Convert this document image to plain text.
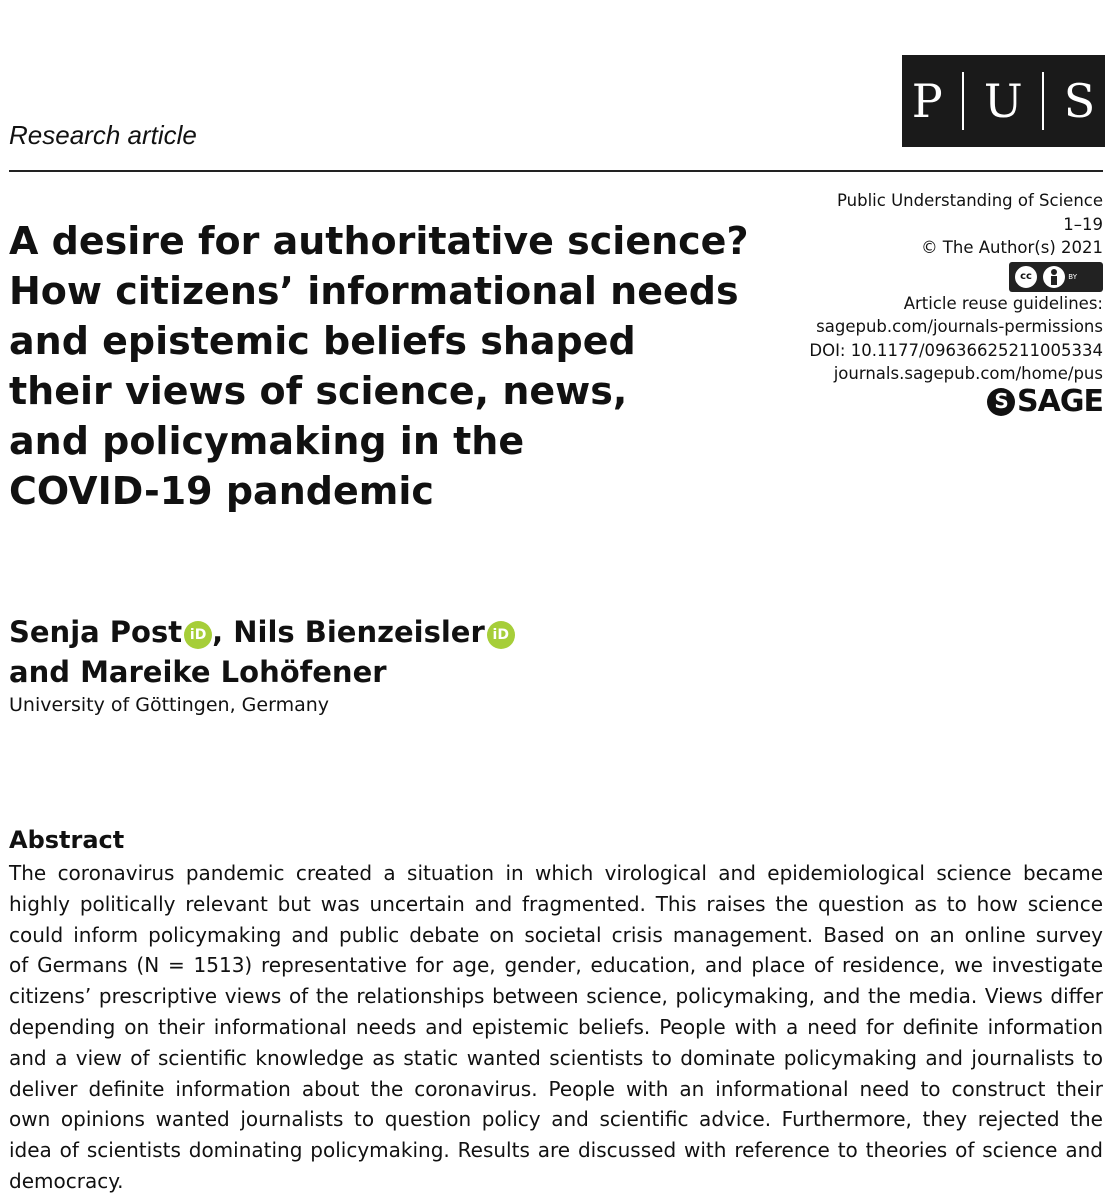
P U S
Research article
A desire for authoritative science?
How citizens’ informational needs
and epistemic beliefs shaped
their views of science, news,
and policymaking in the
COVID-19 pandemic
Public Understanding of Science
1–19
© The Author(s) 2021
cc	BY
Article reuse guidelines:
sagepub.com/journals-permissions
DOI: 10.1177/09636625211005334
journals.sagepub.com/home/pus
S SAGE
Senja Post iD , Nils Bienzeisler iD
and Mareike Lohöfener
University of Göttingen, Germany
Abstract
The coronavirus pandemic created a situation in which virological and epidemiological science became
highly politically relevant but was uncertain and fragmented. This raises the question as to how science
could inform policymaking and public debate on societal crisis management. Based on an online survey
of Germans (N = 1513) representative for age, gender, education, and place of residence, we investigate
citizens’ prescriptive views of the relationships between science, policymaking, and the media. Views differ
depending on their informational needs and epistemic beliefs. People with a need for definite information
and a view of scientific knowledge as static wanted scientists to dominate policymaking and journalists to
deliver definite information about the coronavirus. People with an informational need to construct their
own opinions wanted journalists to question policy and scientific advice. Furthermore, they rejected the
idea of scientists dominating policymaking. Results are discussed with reference to theories of science and
democracy.
